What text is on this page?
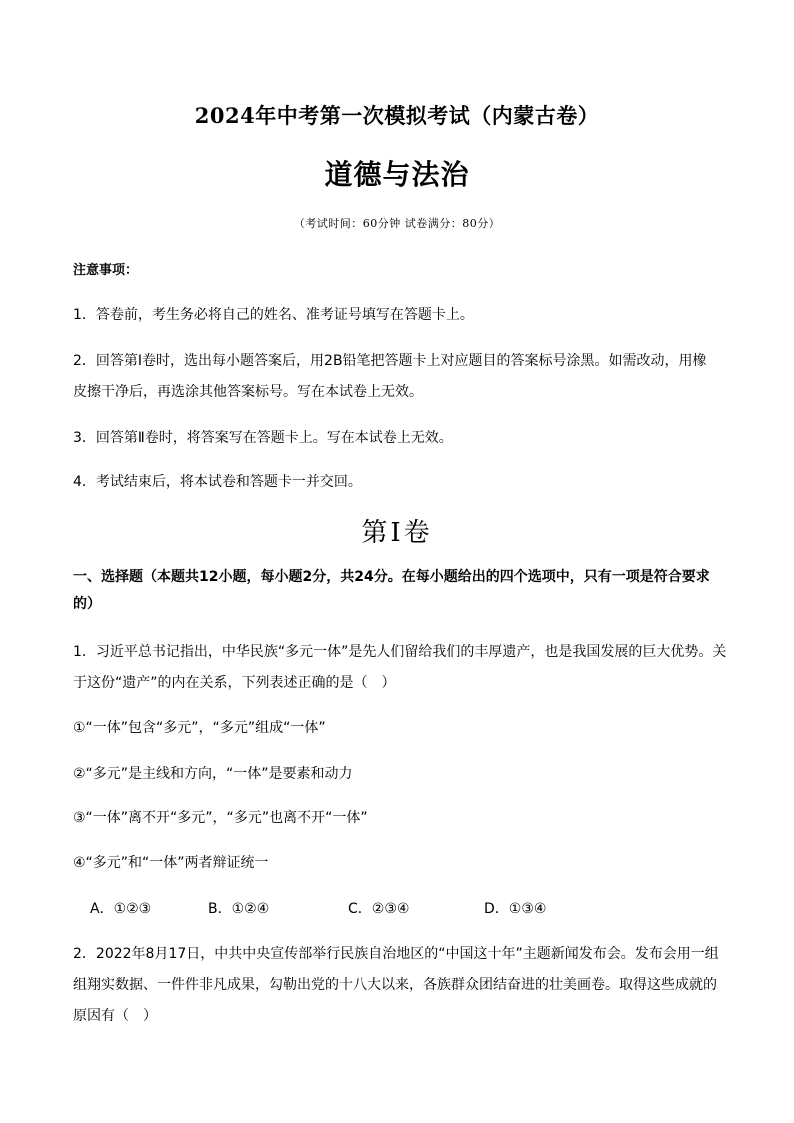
2024年中考第一次模拟考试（内蒙古卷）
道德与法治
（考试时间：60分钟 试卷满分：80分）
注意事项：
1．答卷前，考生务必将自己的姓名、准考证号填写在答题卡上。
2．回答第Ⅰ卷时，选出每小题答案后，用2B铅笔把答题卡上对应题目的答案标号涂黑。如需改动，用橡
皮擦干净后，再选涂其他答案标号。写在本试卷上无效。
3．回答第Ⅱ卷时，将答案写在答题卡上。写在本试卷上无效。
4．考试结束后，将本试卷和答题卡一并交回。
第Ⅰ卷
一、选择题（本题共12小题，每小题2分，共24分。在每小题给出的四个选项中，只有一项是符合要求
的）
1．习近平总书记指出，中华民族“多元一体”是先人们留给我们的丰厚遗产，也是我国发展的巨大优势。关
于这份“遗产”的内在关系，下列表述正确的是（　）
①“一体”包含“多元”，“多元”组成“一体”
②“多元”是主线和方向，“一体”是要素和动力
③“一体”离不开“多元”，“多元”也离不开“一体”
④“多元”和“一体”两者辩证统一
A．①②③	B．①②④	C．②③④	D．①③④
2．2022年8月17日，中共中央宣传部举行民族自治地区的“中国这十年”主题新闻发布会。发布会用一组
组翔实数据、一件件非凡成果，勾勒出党的十八大以来，各族群众团结奋进的壮美画卷。取得这些成就的
原因有（　）
